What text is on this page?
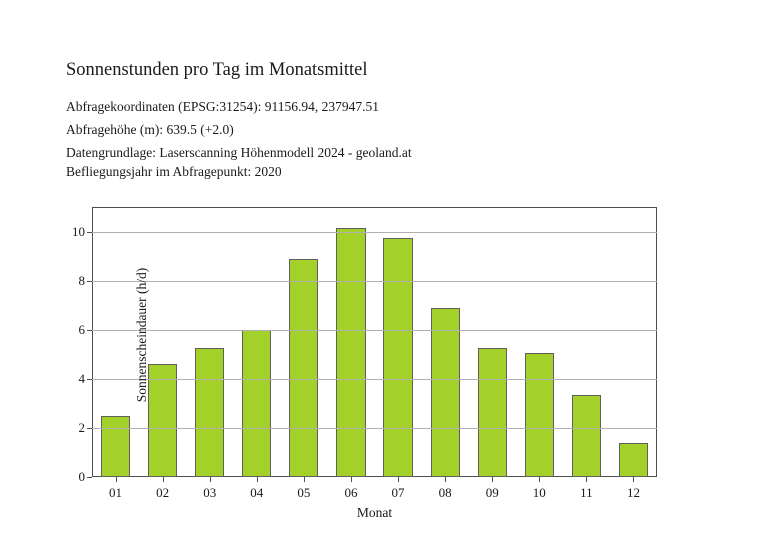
Sonnenstunden pro Tag im Monatsmittel
Abfragekoordinaten (EPSG:31254): 91156.94, 237947.51
Abfragehöhe (m): 639.5 (+2.0)
Datengrundlage: Laserscanning Höhenmodell 2024 - geoland.at
Befliegungsjahr im Abfragepunkt: 2020
0
2
4
6
8
10
01	02	03	04	05	06	07	08	09	10	11	12
Sonnenscheindauer (h/d)
Monat
